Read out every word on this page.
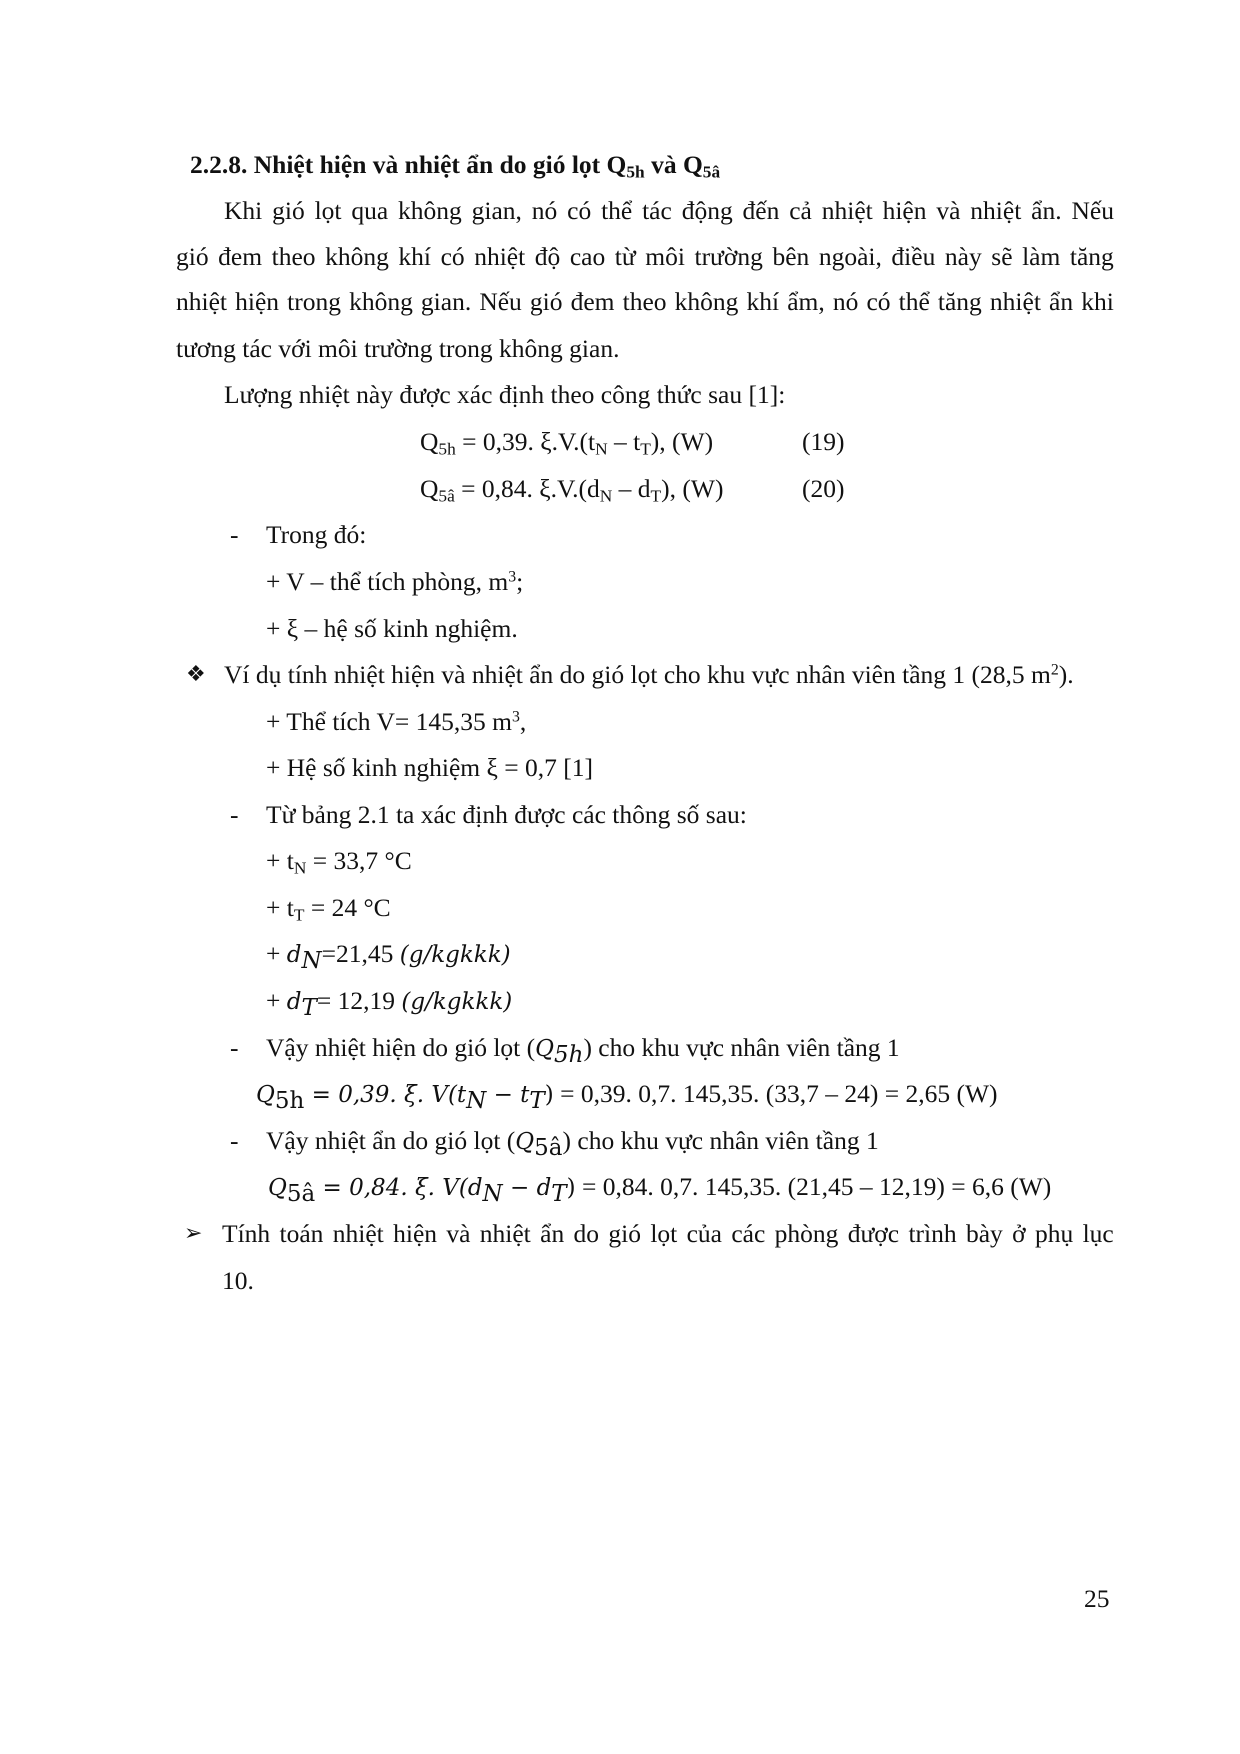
2.2.8. Nhiệt hiện và nhiệt ẩn do gió lọt $Q_{5h}$ và $Q_{5â}$
Khi gió lọt qua không gian, nó có thể tác động đến cả nhiệt hiện và nhiệt ẩn. Nếu
gió đem theo không khí có nhiệt độ cao từ môi trường bên ngoài, điều này sẽ làm tăng
nhiệt hiện trong không gian. Nếu gió đem theo không khí ẩm, nó có thể tăng nhiệt ẩn khi
tương tác với môi trường trong không gian.
Lượng nhiệt này được xác định theo công thức sau [1]:
$Q_{5h} = 0,39$. $\xi.V.(t_N - t_T)$, (W)	(19)
$Q_{5â} = 0,84$. $\xi.V.(d_N - d_T)$, (W)	(20)
- Trong đó:
+ V – thể tích phòng, $m^3$;
+ ξ – hệ số kinh nghiệm.
❖ Ví dụ tính nhiệt hiện và nhiệt ẩn do gió lọt cho khu vực nhân viên tầng 1 (28,5 $m^2$).
+ Thể tích V= 145,35 $m^3$,
+ Hệ số kinh nghiệm ξ = 0,7 [1]
- Từ bảng 2.1 ta xác định được các thông số sau:
+ $t_N = 33,7$ °C
+ $t_T = 24$ °C
+ $d_N=21,45$ (g/kgkkk)
+ $d_T= 12,19$ (g/kgkkk)
- Vậy nhiệt hiện do gió lọt $(Q_{5h})$ cho khu vực nhân viên tầng 1
$Q_{5h} = 0,39$. ξ. $V(t_N - t_T) = 0,39$. 0,7. 145,35. (33,7 – 24) = 2,65 (W)
- Vậy nhiệt ẩn do gió lọt $(Q_{5â})$ cho khu vực nhân viên tầng 1
$Q_{5â} = 0,84$. ξ. $V(d_N - d_T) = 0,84$. 0,7. 145,35. (21,45 – 12,19) = 6,6 (W)
➢ Tính toán nhiệt hiện và nhiệt ẩn do gió lọt của các phòng được trình bày ở phụ lục
10.
25
